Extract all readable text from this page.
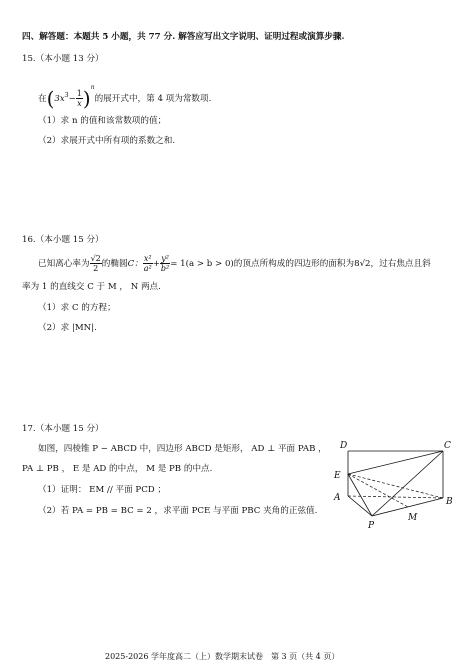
四、解答题：本题共 5 小题，共 77 分. 解答应写出文字说明、证明过程或演算步骤.
15.（本小题 13 分）
在$(3x^3- \frac{1}{x} )^n$的展开式中，第 4 项为常数项.
（1）求 n 的值和该常数项的值；
（2）求展开式中所有项的系数之和.
16.（本小题 15 分）
已知离心率为 $\frac{√2}{2}$ 的椭圆C： $\frac{\text{x²}}{\text{a²}} + \frac{\text{y²}}{\text{b²}} = 1(a > b > 0)$的顶点所构成的四边形的面积为8√2，过右焦点且斜
率为 1 的直线交 C 于 M ， N 两点.
（1）求 C 的方程；
（2）求 |MN|.
17.（本小题 15 分）
如图，四棱锥 P − ABCD 中，四边形 ABCD 是矩形， AD ⊥ 平面 PAB ，
PA ⊥ PB ， E 是 AD 的中点， M 是 PB 的中点.
（1）证明： EM // 平面 PCD ；
（2）若 PA = PB = BC = 2 ，求平面 PCE 与平面 PBC 夹角的正弦值.
D	C
E
A	B
M
P
2025-2026 学年度高二（上）数学期末试卷　第 3 页（共 4 页）
